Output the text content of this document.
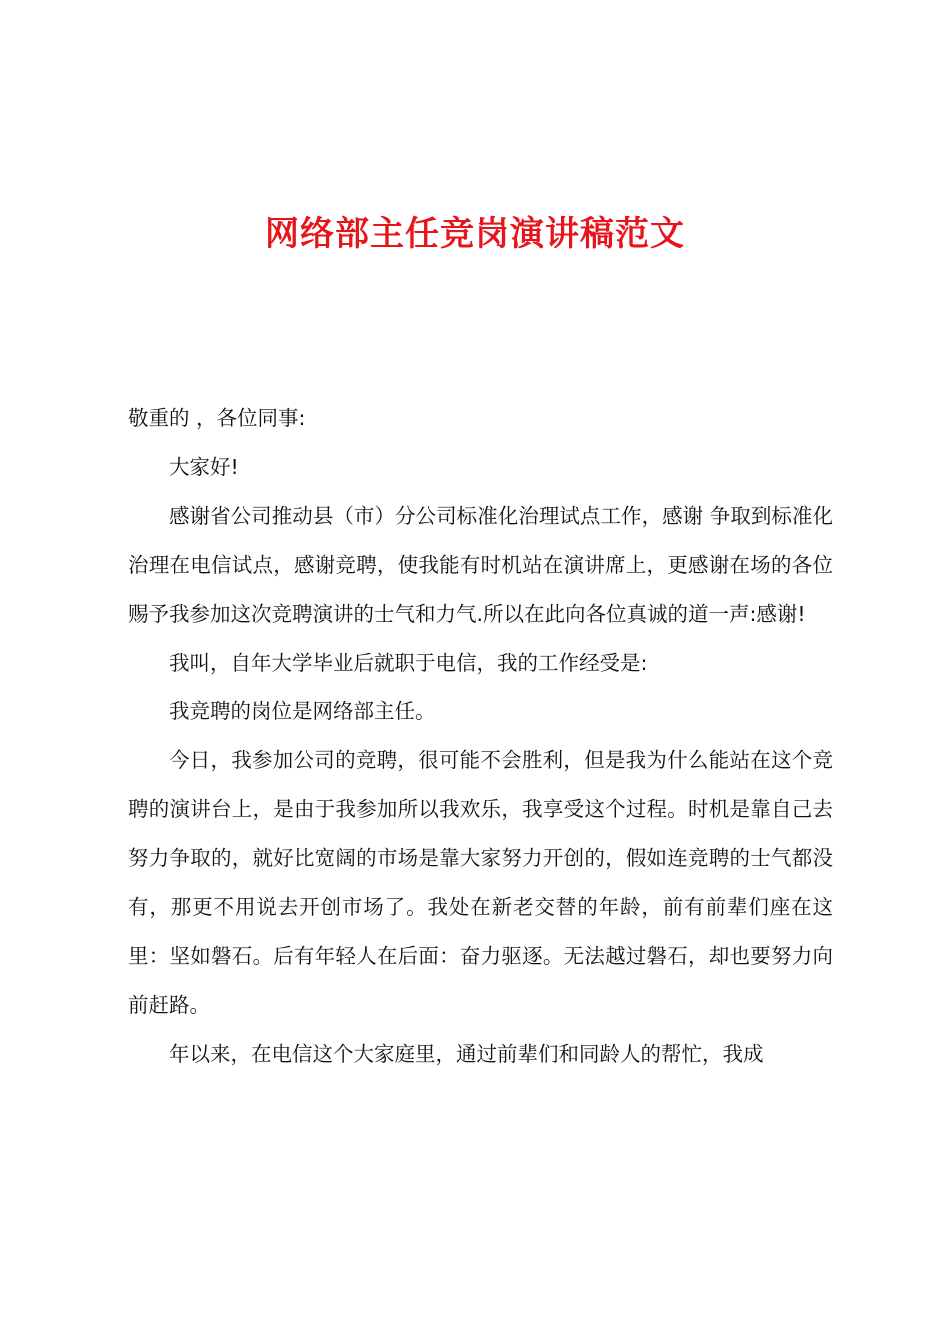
网络部主任竞岗演讲稿范文

敬重的 ，各位同事:

大家好!

感谢省公司推动县（市）分公司标准化治理试点工作，感谢 争取到标准化治理在电信试点，感谢竞聘，使我能有时机站在演讲席上，更感谢在场的各位赐予我参加这次竞聘演讲的士气和力气.所以在此向各位真诚的道一声:感谢!

我叫，自年大学毕业后就职于电信，我的工作经受是:

我竞聘的岗位是网络部主任。

今日，我参加公司的竞聘，很可能不会胜利，但是我为什么能站在这个竞聘的演讲台上，是由于我参加所以我欢乐，我享受这个过程。时机是靠自己去努力争取的，就好比宽阔的市场是靠大家努力开创的，假如连竞聘的士气都没有，那更不用说去开创市场了。我处在新老交替的年龄，前有前辈们座在这里：坚如磐石。后有年轻人在后面：奋力驱逐。无法越过磐石，却也要努力向前赶路。

年以来，在电信这个大家庭里，通过前辈们和同龄人的帮忙，我成
